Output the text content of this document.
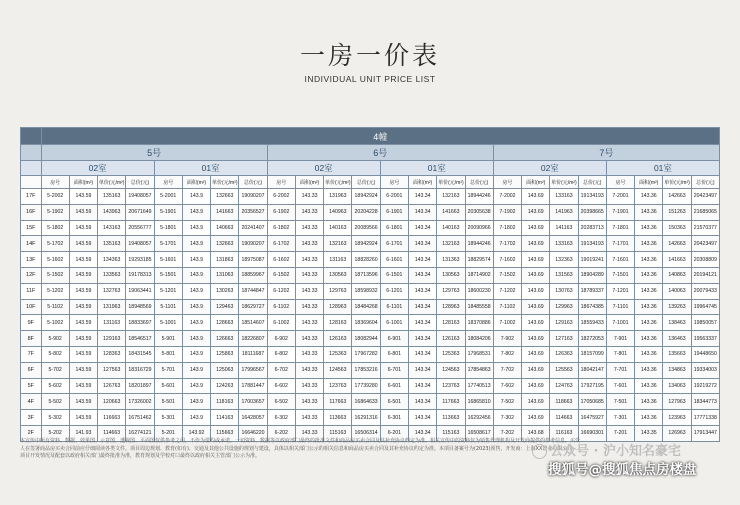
一房一价表
INDIVIDUAL UNIT PRICE LIST
	4幢																							
	5号								6号								7号							
	02室				01室				02室				01室				02室				01室			
	房号	面积(m²)	单价(元/m²)	总价(元)	房号	面积(m²)	单价(元/m²)	总价(元)	房号	面积(m²)	单价(元/m²)	总价(元)	房号	面积(m²)	单价(元/m²)	总价(元)	房号	面积(m²)	单价(元/m²)	总价(元)	房号	面积(m²)	单价(元/m²)	总价(元)
17F	5-2002	143.59	135163	19408057	5-2001	143.9	132663	19090207	6-2002	143.33	131963	18942924	6-2001	143.34	132163	18944246	7-2002	143.69	133163	19134193	7-2001	143.36	142663	20423497
16F	5-1902	143.59	143963	20671649	5-1901	143.9	141663	20356527	6-1902	143.33	140963	20204228	6-1901	143.34	141663	20305638	7-1902	143.69	141963	20398665	7-1901	143.36	151263	21685065
15F	5-1802	143.59	143163	20556777	5-1801	143.9	140663	20241407	6-1802	143.33	140163	20089566	6-1801	143.34	140163	20090966	7-1802	143.69	141163	20283713	7-1801	143.36	150363	21570377
14F	5-1702	143.59	135163	19408057	5-1701	143.9	132663	19090207	6-1702	143.33	132163	18942924	6-1701	143.34	132163	18944246	7-1702	143.69	133163	19134193	7-1701	143.36	142663	20423497
13F	5-1602	143.59	134363	19293185	5-1601	143.9	131863	18975087	6-1602	143.33	131163	18828260	6-1601	143.34	131363	18829574	7-1602	143.69	132363	19019241	7-1601	143.36	141663	20308809
12F	5-1502	143.59	133563	19178313	5-1501	143.9	131063	18859967	6-1502	143.33	130563	18713596	6-1501	143.34	130563	18714902	7-1502	143.69	131563	18904289	7-1501	143.36	140863	20194121
11F	5-1202	143.59	132763	19063441	5-1201	143.9	130263	18744847	6-1202	143.33	129763	18598932	6-1201	143.34	129763	18600230	7-1202	143.69	130763	18789337	7-1201	143.36	140063	20079433
10F	5-1102	143.59	131963	18948569	5-1101	143.9	129463	18629727	6-1102	143.33	128963	18484268	6-1101	143.34	128963	18485558	7-1102	143.69	129963	18674385	7-1101	143.36	139263	19964745
9F	5-1002	143.59	131163	18833697	5-1001	143.9	128663	18514607	6-1002	143.33	128163	18369604	6-1001	143.34	128163	18370886	7-1002	143.69	129163	18559433	7-1001	143.36	138463	19850057
8F	5-902	143.59	129163	18546517	5-901	143.9	126663	18226807	6-902	143.33	126163	18082944	6-901	143.34	126163	18084206	7-902	143.69	127163	18272053	7-901	143.36	136463	19563337
7F	5-802	143.59	128363	18431545	5-801	143.9	125863	18111687	6-802	143.33	125363	17967282	6-801	143.34	125363	17968531	7-802	143.69	126363	18157099	7-801	143.36	135663	19448650
6F	5-702	143.59	127563	18316729	5-701	143.9	125063	17996567	6-702	143.33	124563	17853216	6-701	143.34	124563	17854863	7-702	143.69	125563	18042147	7-701	143.36	134863	19334003
5F	5-602	143.59	126763	18201897	5-601	143.9	124263	17881447	6-602	143.33	123763	17739280	6-601	143.34	123763	17740513	7-602	143.69	124763	17927195	7-601	143.36	134063	19219272
4F	5-502	143.59	120663	17326002	5-501	143.9	118163	17003657	6-502	143.33	117663	16864633	6-501	143.34	117663	16865810	7-502	143.69	118663	17050685	7-501	143.36	127963	18344773
3F	5-302	143.59	116663	16751462	5-301	143.9	114163	16428057	6-302	143.33	113663	16291316	6-301	143.34	113663	16292456	7-302	143.69	114663	16475927	7-301	143.36	123963	17771338
2F	5-202	141.93	114663	16274121	5-201	143.92	115663	16646220	6-202	143.33	115163	16506314	6-201	143.34	115163	16508617	7-202	143.68	116163	16690301	7-201	143.35	126963	17913447
本宣传中所有资料、数据、效果图、示意图、透视图、平面图仅供参考之用，不作为要约或承诺。一切资料、数据等以政府部门最终的批准文件和商品房买卖合同及其补充协议约定为准。相关宣传中的资料仅为销售代理机构及开发商提供的参考信息，买受人在签署商品房买卖合同前应仔细阅读各类文件。项目周边规划、教育(如有)、交通及其他公共设施的规划与建设，具体以相关部门公示的相关信息和商品房买卖合同及其补充协议约定为准。本项目备案号为(2023)预售，开发商：上海XX置业有限公司，项目开发情况及配套以政府相关部门最终批准为准，教育规划及学校对口最终以政府相关主管部门公示为准。	公众号 · 沪小知名豪宅
搜狐号@搜狐焦点房楼盘
